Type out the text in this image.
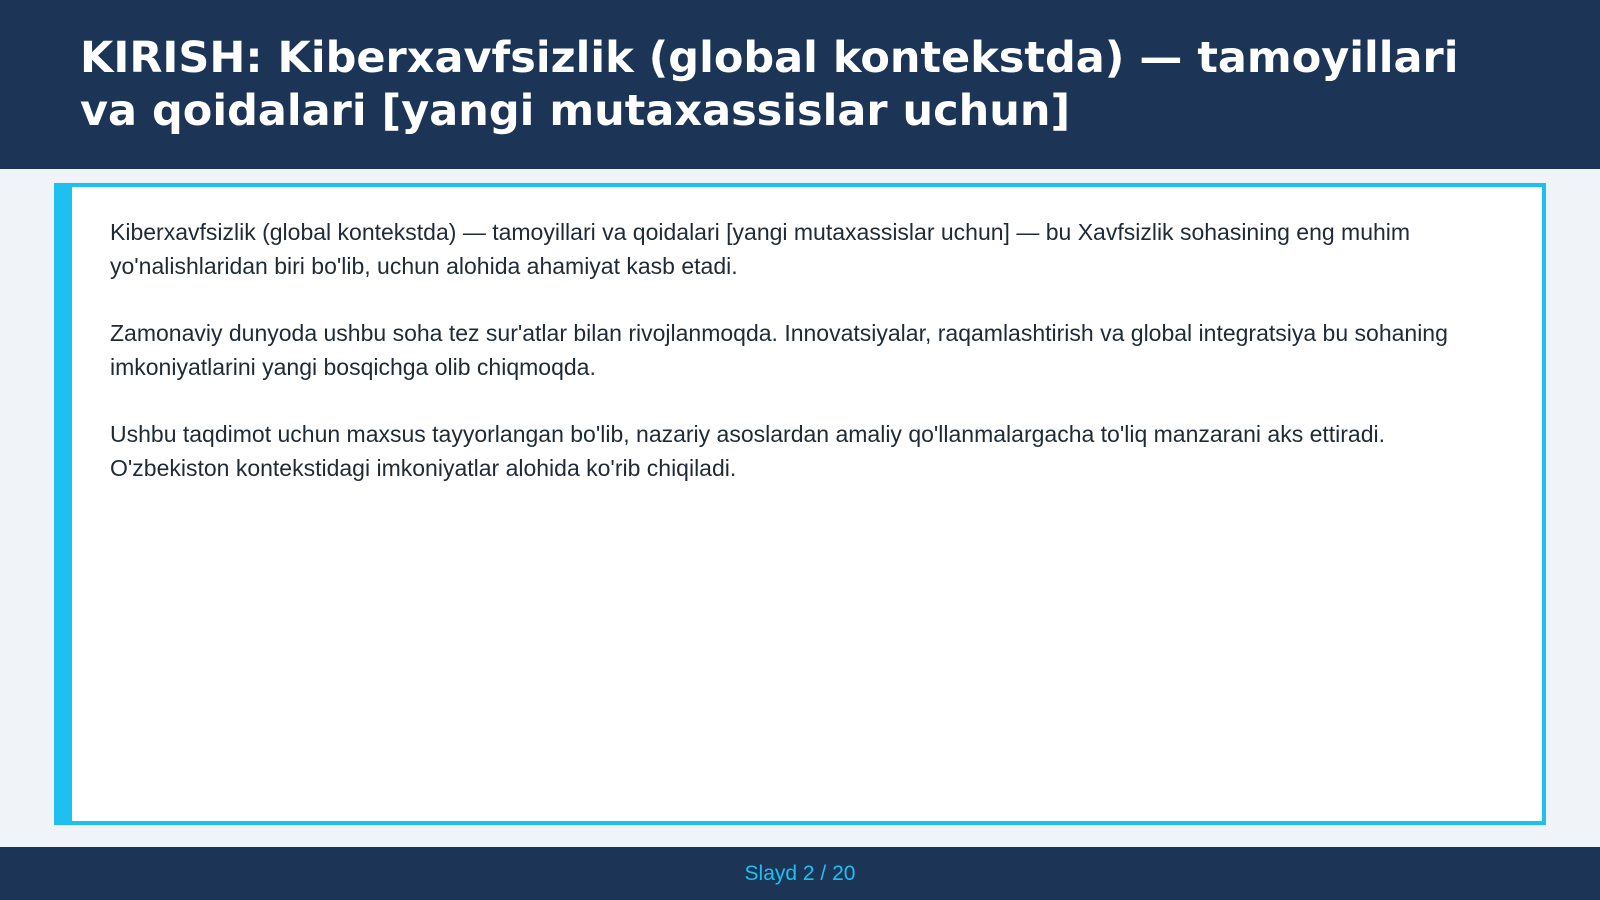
KIRISH: Kiberxavfsizlik (global kontekstda) — tamoyillari va qoidalari [yangi mutaxassislar uchun]

Kiberxavfsizlik (global kontekstda) — tamoyillari va qoidalari [yangi mutaxassislar uchun] — bu Xavfsizlik sohasining eng muhim yo'nalishlaridan biri bo'lib, uchun alohida ahamiyat kasb etadi.

Zamonaviy dunyoda ushbu soha tez sur'atlar bilan rivojlanmoqda. Innovatsiyalar, raqamlashtirish va global integratsiya bu sohaning imkoniyatlarini yangi bosqichga olib chiqmoqda.

Ushbu taqdimot uchun maxsus tayyorlangan bo'lib, nazariy asoslardan amaliy qo'llanmalargacha to'liq manzarani aks ettiradi. O'zbekiston kontekstidagi imkoniyatlar alohida ko'rib chiqiladi.

Slayd 2 / 20
